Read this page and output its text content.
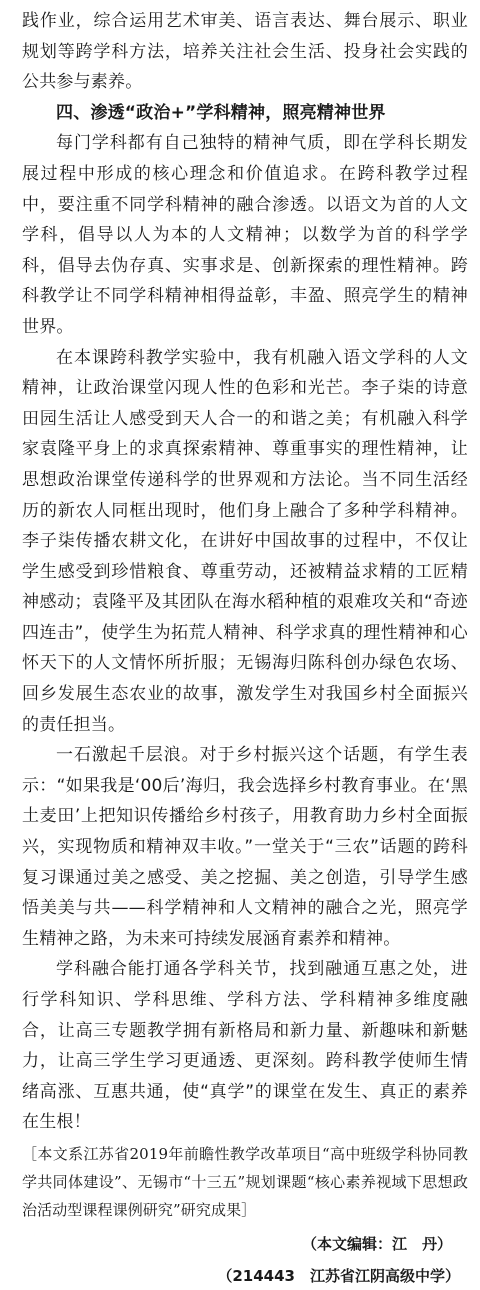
践作业，综合运用艺术审美、语言表达、舞台展示、职业规划等跨学科方法，培养关注社会生活、投身社会实践的公共参与素养。

四、渗透“政治+”学科精神，照亮精神世界

每门学科都有自己独特的精神气质，即在学科长期发展过程中形成的核心理念和价值追求。在跨科教学过程中，要注重不同学科精神的融合渗透。以语文为首的人文学科，倡导以人为本的人文精神；以数学为首的科学学科，倡导去伪存真、实事求是、创新探索的理性精神。跨科教学让不同学科精神相得益彰，丰盈、照亮学生的精神世界。

在本课跨科教学实验中，我有机融入语文学科的人文精神，让政治课堂闪现人性的色彩和光芒。李子柒的诗意田园生活让人感受到天人合一的和谐之美；有机融入科学家袁隆平身上的求真探索精神、尊重事实的理性精神，让思想政治课堂传递科学的世界观和方法论。当不同生活经历的新农人同框出现时，他们身上融合了多种学科精神。李子柒传播农耕文化，在讲好中国故事的过程中，不仅让学生感受到珍惜粮食、尊重劳动，还被精益求精的工匠精神感动；袁隆平及其团队在海水稻种植的艰难攻关和“奇迹四连击”，使学生为拓荒人精神、科学求真的理性精神和心怀天下的人文情怀所折服；无锡海归陈科创办绿色农场、回乡发展生态农业的故事，激发学生对我国乡村全面振兴的责任担当。

一石激起千层浪。对于乡村振兴这个话题，有学生表示：“如果我是‘00后’海归，我会选择乡村教育事业。在‘黑土麦田’上把知识传播给乡村孩子，用教育助力乡村全面振兴，实现物质和精神双丰收。”一堂关于“三农”话题的跨科复习课通过美之感受、美之挖掘、美之创造，引导学生感悟美美与共——科学精神和人文精神的融合之光，照亮学生精神之路，为未来可持续发展涵育素养和精神。

学科融合能打通各学科关节，找到融通互惠之处，进行学科知识、学科思维、学科方法、学科精神多维度融合，让高三专题教学拥有新格局和新力量、新趣味和新魅力，让高三学生学习更通透、更深刻。跨科教学使师生情绪高涨、互惠共通，使“真学”的课堂在发生、真正的素养在生根！

［本文系江苏省2019年前瞻性教学改革项目“高中班级学科协同教学共同体建设”、无锡市“十三五”规划课题“核心素养视域下思想政治活动型课程课例研究”研究成果］

（本文编辑：江　丹）

（214443　江苏省江阴高级中学）
